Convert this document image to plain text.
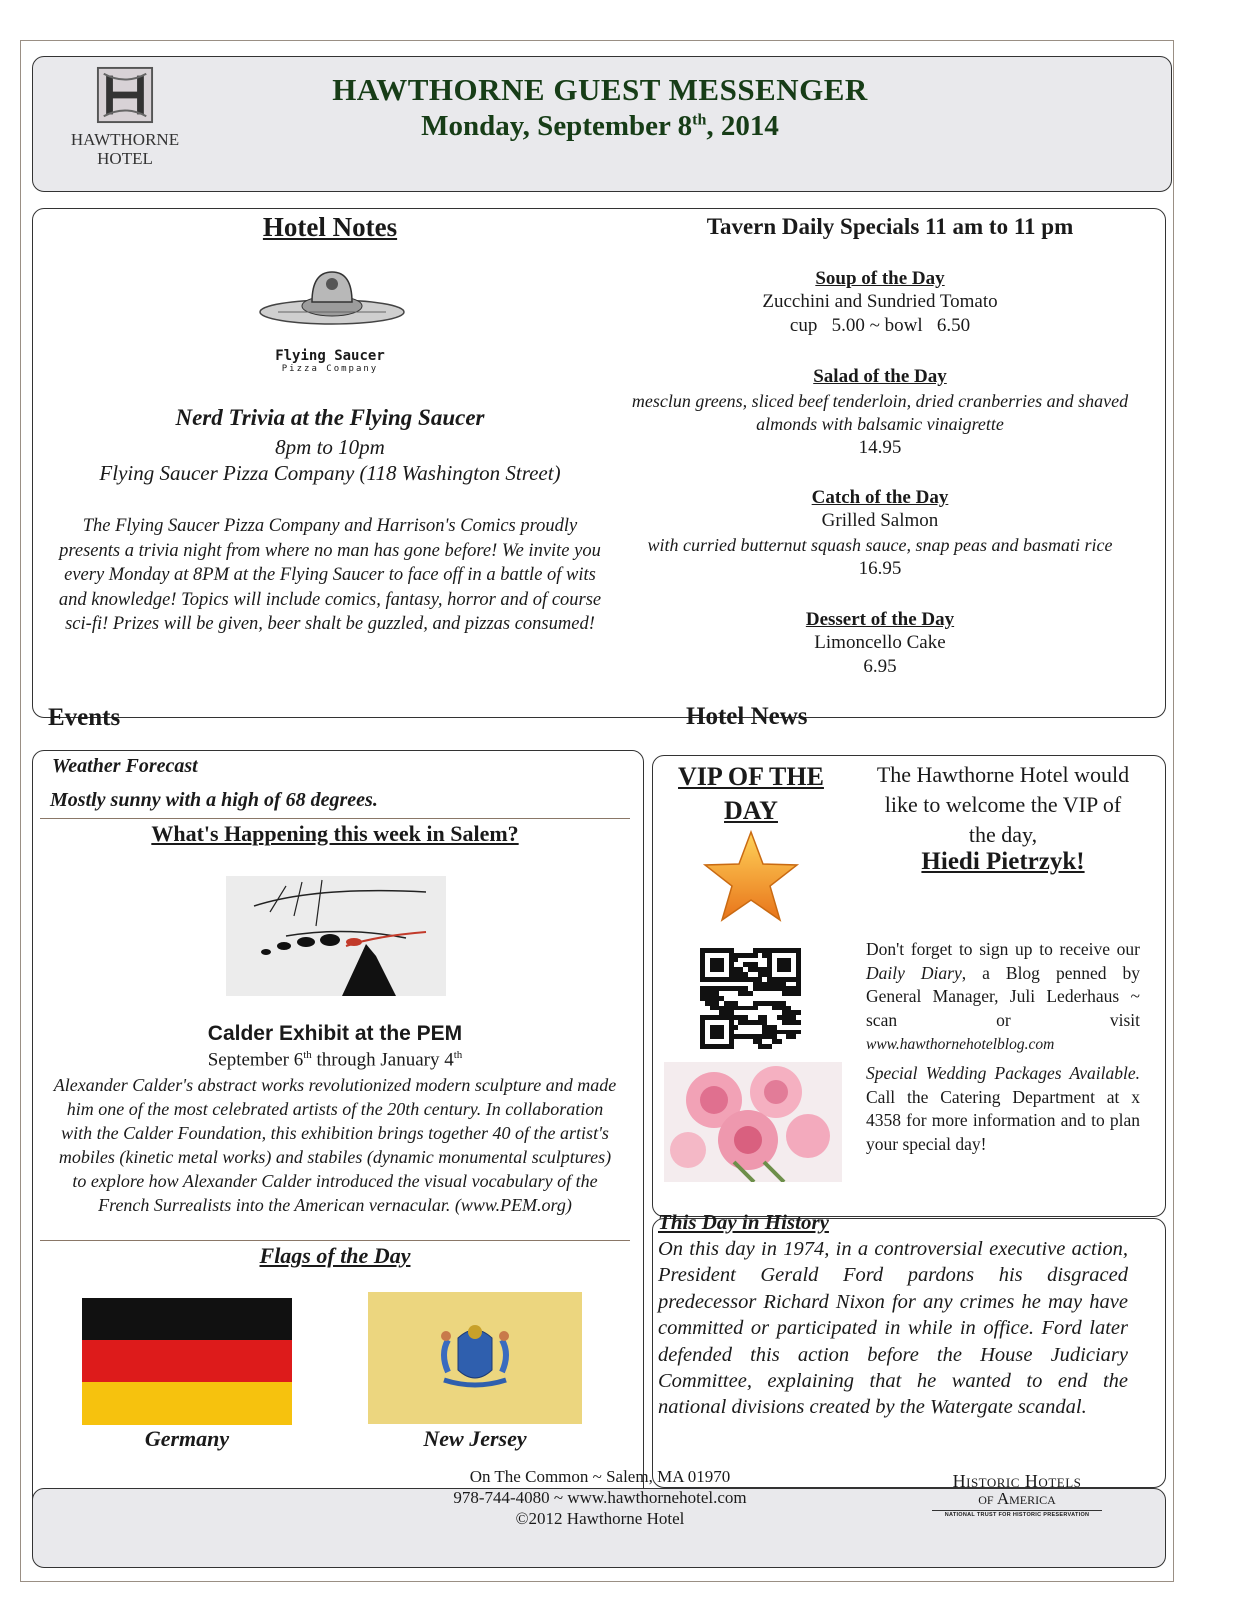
HAWTHORNE
HOTEL
HAWTHORNE GUEST MESSENGER
Monday, September 8th, 2014
Hotel Notes
Flying Saucer
Pizza Company
Nerd Trivia at the Flying Saucer
8pm to 10pm
Flying Saucer Pizza Company (118 Washington Street)
The Flying Saucer Pizza Company and Harrison's Comics proudly presents a trivia night from where no man has gone before! We invite you every Monday at 8PM at the Flying Saucer to face off in a battle of wits and knowledge! Topics will include comics, fantasy, horror and of course sci-fi! Prizes will be given, beer shalt be guzzled, and pizzas consumed!
Tavern Daily Specials 11 am to 11 pm
Soup of the Day
Zucchini and Sundried Tomato
cup   5.00 ~ bowl   6.50
Salad of the Day
mesclun greens, sliced beef tenderloin, dried cranberries and shaved almonds with balsamic vinaigrette
14.95
Catch of the Day
Grilled Salmon
with curried butternut squash sauce, snap peas and basmati rice
16.95
Dessert of the Day
Limoncello Cake
6.95
Events	Hotel News
Weather Forecast
Mostly sunny with a high of 68 degrees.
What's Happening this week in Salem?
Calder Exhibit at the PEM
September 6th through January 4th
Alexander Calder's abstract works revolutionized modern sculpture and made him one of the most celebrated artists of the 20th century. In collaboration with the Calder Foundation, this exhibition brings together 40 of the artist's mobiles (kinetic metal works) and stabiles (dynamic monumental sculptures) to explore how Alexander Calder introduced the visual vocabulary of the French Surrealists into the American vernacular. (www.PEM.org)
Flags of the Day
Germany	New Jersey
VIP OF THE
DAY
The Hawthorne Hotel would like to welcome the VIP of the day,
Hiedi Pietrzyk!
Don't forget to sign up to receive our Daily Diary, a Blog penned by General Manager, Juli Lederhaus ~ scan or visit www.hawthornehotelblog.com
Special Wedding Packages Available. Call the Catering Department at x 4358 for more information and to plan your special day!
This Day in History
On this day in 1974, in a controversial executive action, President Gerald Ford pardons his disgraced predecessor Richard Nixon for any crimes he may have committed or participated in while in office. Ford later defended this action before the House Judiciary Committee, explaining that he wanted to end the national divisions created by the Watergate scandal.
On The Common ~ Salem, MA 01970
978-744-4080 ~ www.hawthornehotel.com
©2012 Hawthorne Hotel
Historic Hotels
of America
NATIONAL TRUST FOR HISTORIC PRESERVATION
